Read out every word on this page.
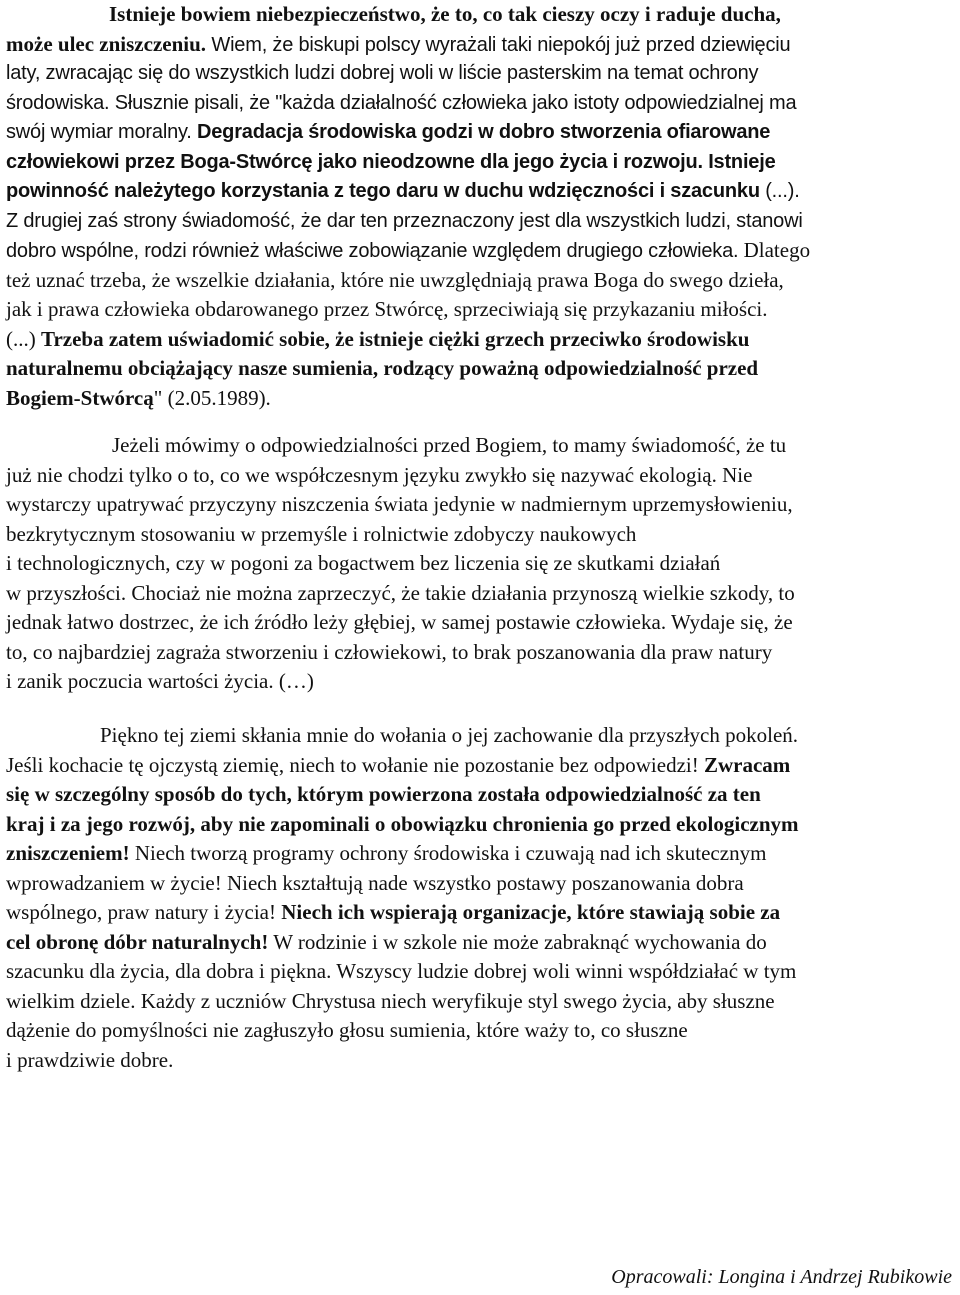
Istnieje bowiem niebezpieczeństwo, że to, co tak cieszy oczy i raduje ducha,
może ulec zniszczeniu. Wiem, że biskupi polscy wyrażali taki niepokój już przed dziewięciu
laty, zwracając się do wszystkich ludzi dobrej woli w liście pasterskim na temat ochrony
środowiska. Słusznie pisali, że "każda działalność człowieka jako istoty odpowiedzialnej ma
swój wymiar moralny. Degradacja środowiska godzi w dobro stworzenia ofiarowane
człowiekowi przez Boga-Stwórcę jako nieodzowne dla jego życia i rozwoju. Istnieje
powinność należytego korzystania z tego daru w duchu wdzięczności i szacunku (...).
Z drugiej zaś strony świadomość, że dar ten przeznaczony jest dla wszystkich ludzi, stanowi
dobro wspólne, rodzi również właściwe zobowiązanie względem drugiego człowieka. Dlatego
też uznać trzeba, że wszelkie działania, które nie uwzględniają prawa Boga do swego dzieła,
jak i prawa człowieka obdarowanego przez Stwórcę, sprzeciwiają się przykazaniu miłości.
(...) Trzeba zatem uświadomić sobie, że istnieje ciężki grzech przeciwko środowisku
naturalnemu obciążający nasze sumienia, rodzący poważną odpowiedzialność przed
Bogiem-Stwórcą" (2.05.1989).
Jeżeli mówimy o odpowiedzialności przed Bogiem, to mamy świadomość, że tu
już nie chodzi tylko o to, co we współczesnym języku zwykło się nazywać ekologią. Nie
wystarczy upatrywać przyczyny niszczenia świata jedynie w nadmiernym uprzemysłowieniu,
bezkrytycznym stosowaniu w przemyśle i rolnictwie zdobyczy naukowych
i technologicznych, czy w pogoni za bogactwem bez liczenia się ze skutkami działań
w przyszłości. Chociaż nie można zaprzeczyć, że takie działania przynoszą wielkie szkody, to
jednak łatwo dostrzec, że ich źródło leży głębiej, w samej postawie człowieka. Wydaje się, że
to, co najbardziej zagraża stworzeniu i człowiekowi, to brak poszanowania dla praw natury
i zanik poczucia wartości życia. (…)
Piękno tej ziemi skłania mnie do wołania o jej zachowanie dla przyszłych pokoleń.
Jeśli kochacie tę ojczystą ziemię, niech to wołanie nie pozostanie bez odpowiedzi! Zwracam
się w szczególny sposób do tych, którym powierzona została odpowiedzialność za ten
kraj i za jego rozwój, aby nie zapominali o obowiązku chronienia go przed ekologicznym
zniszczeniem! Niech tworzą programy ochrony środowiska i czuwają nad ich skutecznym
wprowadzaniem w życie! Niech kształtują nade wszystko postawy poszanowania dobra
wspólnego, praw natury i życia! Niech ich wspierają organizacje, które stawiają sobie za
cel obronę dóbr naturalnych! W rodzinie i w szkole nie może zabraknąć wychowania do
szacunku dla życia, dla dobra i piękna. Wszyscy ludzie dobrej woli winni współdziałać w tym
wielkim dziele. Każdy z uczniów Chrystusa niech weryfikuje styl swego życia, aby słuszne
dążenie do pomyślności nie zagłuszyło głosu sumienia, które waży to, co słuszne
i prawdziwie dobre.
Opracowali: Longina i Andrzej Rubikowie
